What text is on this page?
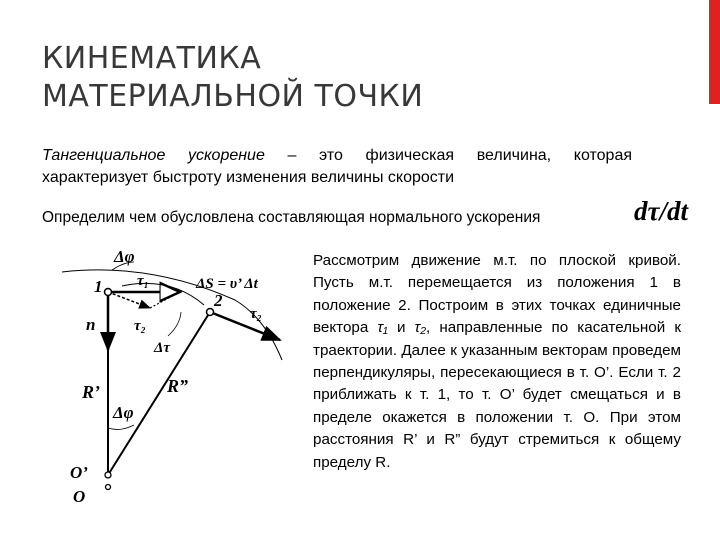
КИНЕМАТИКА
МАТЕРИАЛЬНОЙ ТОЧКИ
Тангенциальное ускорение – это физическая величина, которая характеризует быстроту изменения величины скорости
Определим чем обусловлена составляющая нормального ускорения	dτ/dt
Рассмотрим движение м.т. по плоской кривой. Пусть м.т. перемещается из положения 1 в положение 2. Построим в этих точках единичные вектора τ₁ и τ₂, направленные по касательной к траектории. Далее к указанным векторам проведем перпендикуляры, пересекающиеся в т. O’. Если т. 2 приближать к т. 1, то т. O’ будет смещаться и в пределе окажется в положении т. O. При этом расстояния R’ и R” будут стремиться к общему пределу R.
Δφ
τ₁
1	ΔS = υ’ Δt
2
τ₂
τ₂
n
Δτ
R’	R”
Δφ
O’
O
